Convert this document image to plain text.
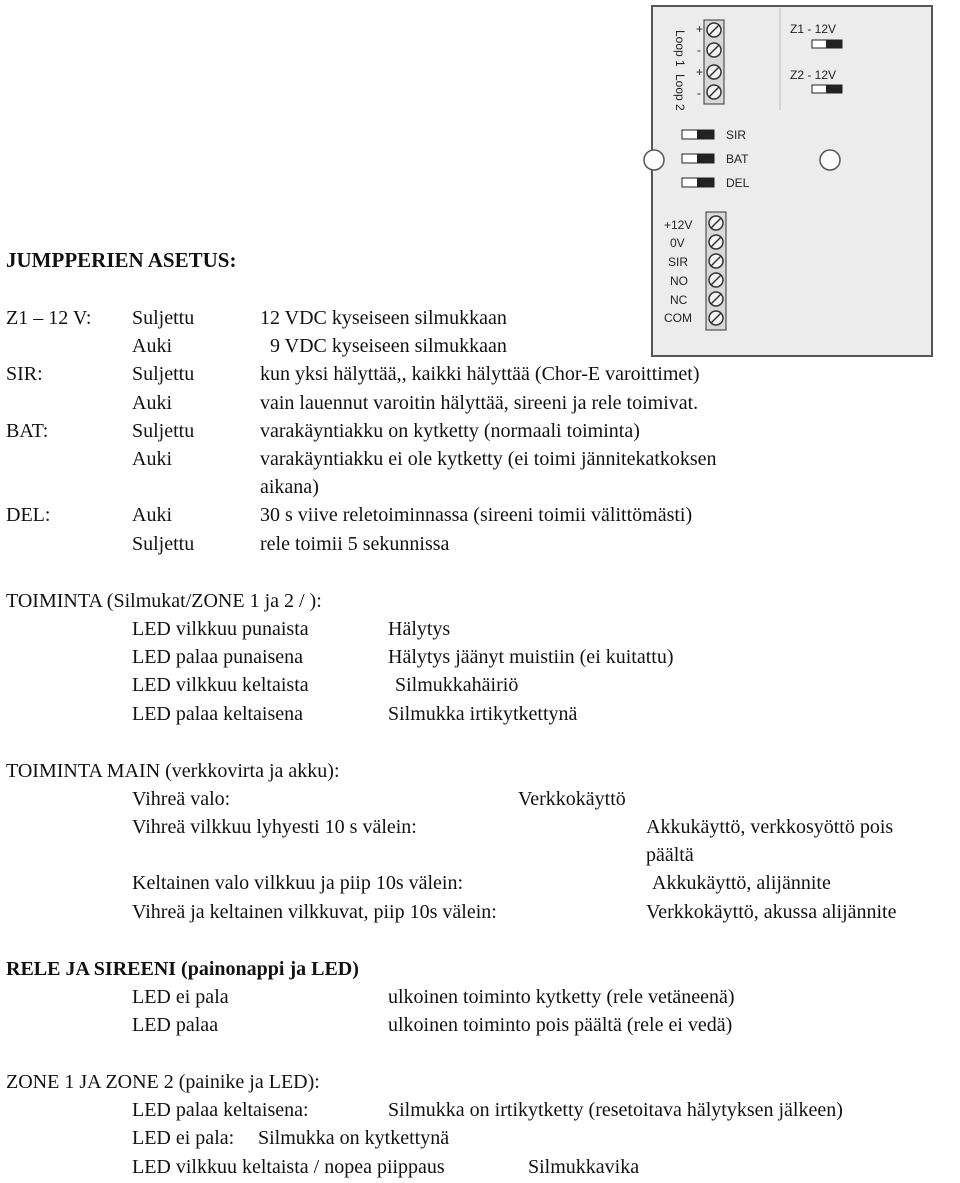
JUMPPERIEN ASETUS:
Z1 – 12 V: Suljettu	12 VDC kyseiseen silmukkaan
Auki	9 VDC kyseiseen silmukkaan
SIR:	Suljettu	kun yksi hälyttää,, kaikki hälyttää (Chor-E varoittimet)
Auki	vain lauennut varoitin hälyttää, sireeni ja rele toimivat.
BAT:	Suljettu	varakäyntiakku on kytketty (normaali toiminta)
Auki	varakäyntiakku ei ole kytketty (ei toimi jännitekatkoksen
aikana)
DEL:	Auki	30 s viive reletoiminnassa (sireeni toimii välittömästi)
Suljettu	rele toimii 5 sekunnissa
TOIMINTA (Silmukat/ZONE 1 ja 2 / ):
LED vilkkuu punaista	Hälytys
LED palaa punaisena	Hälytys jäänyt muistiin (ei kuitattu)
LED vilkkuu keltaista	Silmukkahäiriö
LED palaa keltaisena	Silmukka irtikytkettynä
TOIMINTA MAIN (verkkovirta ja akku):
Vihreä valo:	Verkkokäyttö
Vihreä vilkkuu lyhyesti 10 s välein:	Akkukäyttö, verkkosyöttö pois
päältä
Keltainen valo vilkkuu ja piip 10s välein:	Akkukäyttö, alijännite
Vihreä ja keltainen vilkkuvat, piip 10s välein:	Verkkokäyttö, akussa alijännite
RELE JA SIREENI (painonappi ja LED)
LED ei pala	ulkoinen toiminto kytketty (rele vetäneenä)
LED palaa	ulkoinen toiminto pois päältä (rele ei vedä)
ZONE 1 JA ZONE 2 (painike ja LED):
LED palaa keltaisena:	Silmukka on irtikytketty (resetoitava hälytyksen jälkeen)
LED ei pala: Silmukka on kytkettynä
LED vilkkuu keltaista / nopea piippaus	Silmukkavika
Loop 1
Loop 2
+
-
+
-
Z1 - 12V
Z2 - 12V
SIR
BAT
DEL
+12V
0V
SIR
NO
NC
COM
